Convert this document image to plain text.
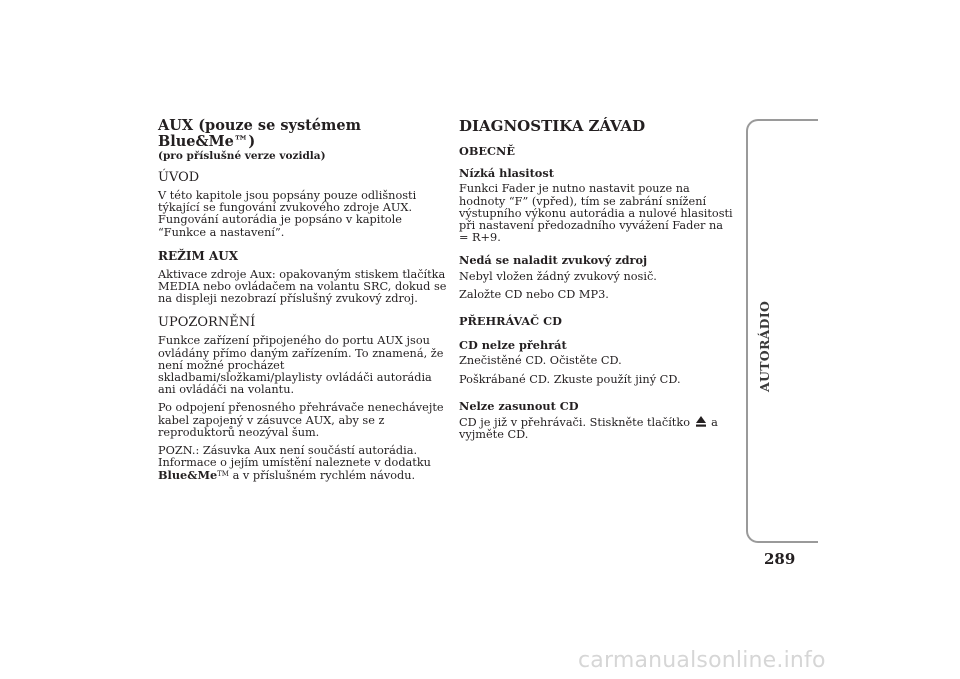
AUX (pouze se systémem Blue&Me™)
(pro příslušné verze vozidla)
ÚVOD

V této kapitole jsou popsány pouze odlišnosti týkající se fungování zvukového zdroje AUX. Fungování autorádia je popsáno v kapitole “Funkce a nastavení”.

REŽIM AUX

Aktivace zdroje Aux: opakovaným stiskem tlačítka MEDIA nebo ovládačem na volantu SRC, dokud se na displeji nezobrazí příslušný zvukový zdroj.

UPOZORNĚNÍ

Funkce zařízení připojeného do portu AUX jsou ovládány přímo daným zařízením. To znamená, že není možné procházet skladbami/složkami/playlisty ovládáči autorádia ani ovládáči na volantu.

Po odpojení přenosného přehrávače nenechávejte kabel zapojený v zásuvce AUX, aby se z reproduktorů neozýval šum.

POZN.: Zásuvka Aux není součástí autorádia. Informace o jejím umístění naleznete v dodatku Blue&Me™ a v příslušném rychlém návodu.

DIAGNOSTIKA ZÁVAD
OBECNĚ
Nízká hlasitost

Funkci Fader je nutno nastavit pouze na hodnoty “F” (vpřed), tím se zabrání snížení výstupního výkonu autorádia a nulové hlasitosti při nastavení předozadního vyvážení Fader na = R+9.

Nedá se naladit zvukový zdroj

Nebyl vložen žádný zvukový nosič.

Založte CD nebo CD MP3.

PŘEHRÁVAČ CD
CD nelze přehrát

Znečistěné CD. Očistěte CD.

Poškrábané CD. Zkuste použít jiný CD.

Nelze zasunout CD

CD je již v přehrávači. Stiskněte tlačítko  a vyjměte CD.

AUTORÁDIO
289
carmanualsonline.info
